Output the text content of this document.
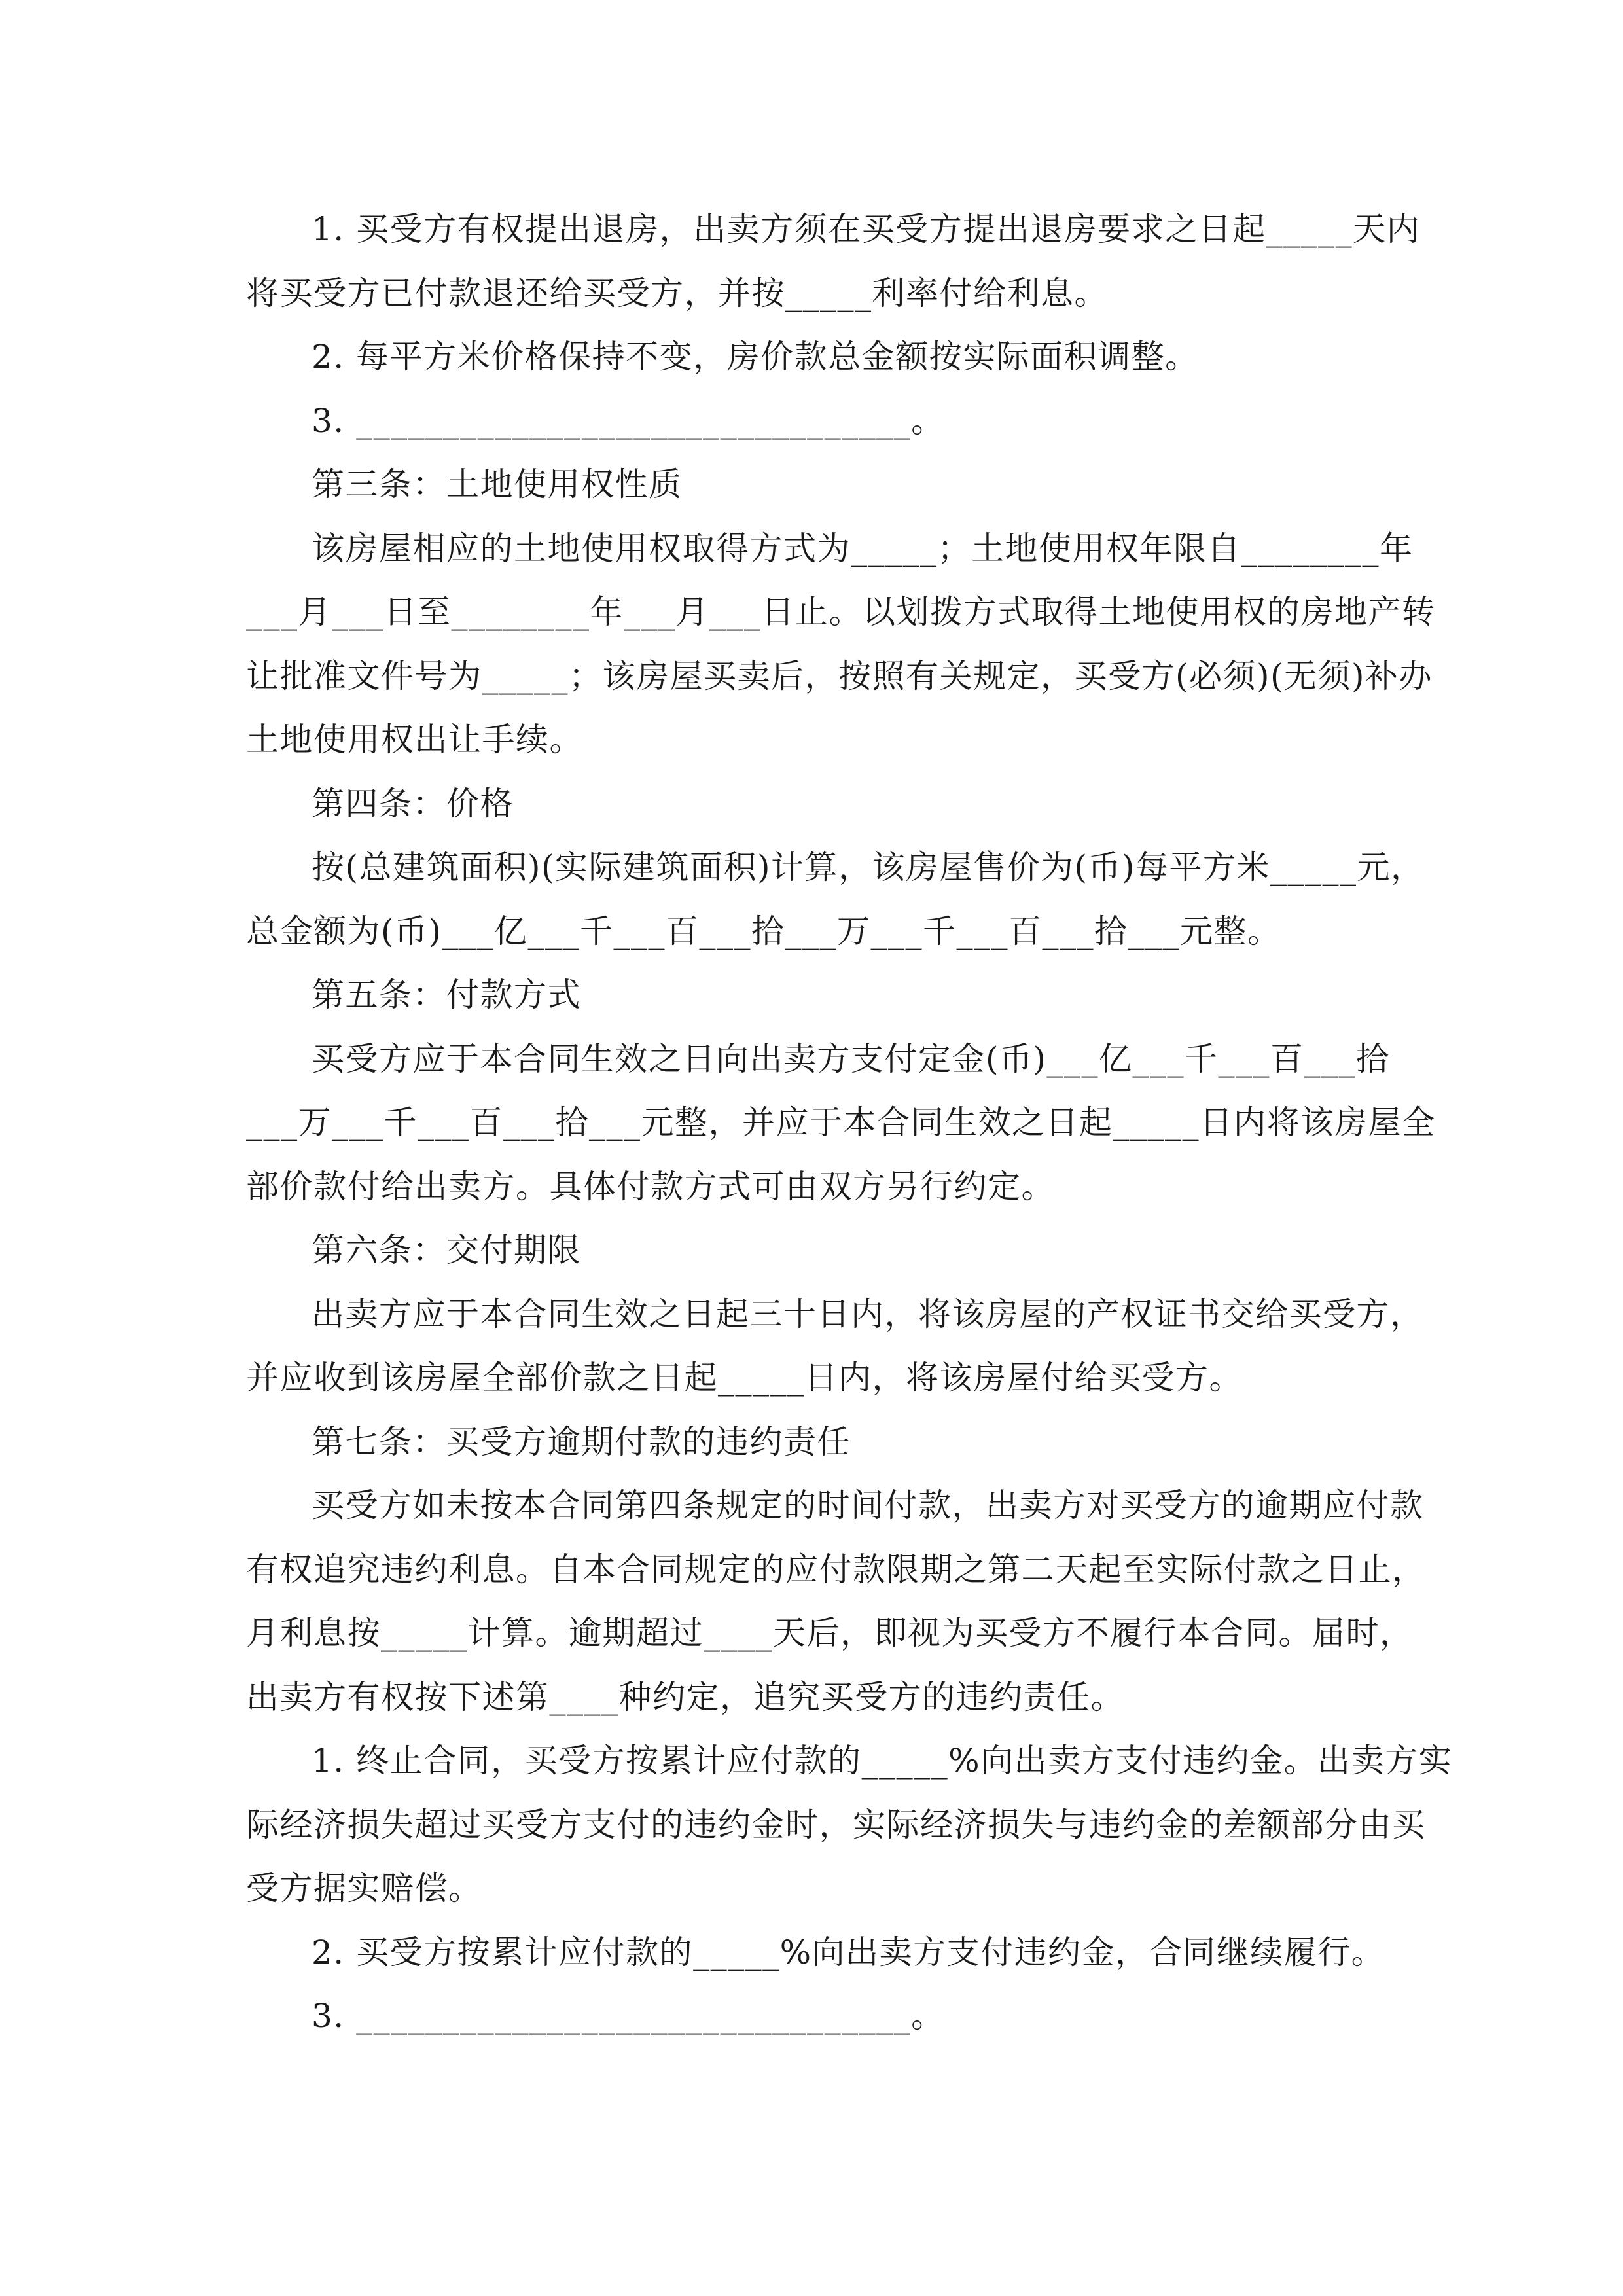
1. 买受方有权提出退房，出卖方须在买受方提出退房要求之日起_____天内
将买受方已付款退还给买受方，并按_____利率付给利息。
2. 每平方米价格保持不变，房价款总金额按实际面积调整。
3. ________________________________。
第三条：土地使用权性质
该房屋相应的土地使用权取得方式为_____；土地使用权年限自________年
___月___日至________年___月___日止。以划拨方式取得土地使用权的房地产转
让批准文件号为_____；该房屋买卖后，按照有关规定，买受方(必须)(无须)补办
土地使用权出让手续。
第四条：价格
按(总建筑面积)(实际建筑面积)计算，该房屋售价为(币)每平方米_____元，
总金额为(币)___亿___千___百___拾___万___千___百___拾___元整。
第五条：付款方式
买受方应于本合同生效之日向出卖方支付定金(币)___亿___千___百___拾
___万___千___百___拾___元整，并应于本合同生效之日起_____日内将该房屋全
部价款付给出卖方。具体付款方式可由双方另行约定。
第六条：交付期限
出卖方应于本合同生效之日起三十日内，将该房屋的产权证书交给买受方，
并应收到该房屋全部价款之日起_____日内，将该房屋付给买受方。
第七条：买受方逾期付款的违约责任
买受方如未按本合同第四条规定的时间付款，出卖方对买受方的逾期应付款
有权追究违约利息。自本合同规定的应付款限期之第二天起至实际付款之日止，
月利息按_____计算。逾期超过____天后，即视为买受方不履行本合同。届时，
出卖方有权按下述第____种约定，追究买受方的违约责任。
1. 终止合同，买受方按累计应付款的_____%向出卖方支付违约金。出卖方实
际经济损失超过买受方支付的违约金时，实际经济损失与违约金的差额部分由买
受方据实赔偿。
2. 买受方按累计应付款的_____%向出卖方支付违约金，合同继续履行。
3. ________________________________。
